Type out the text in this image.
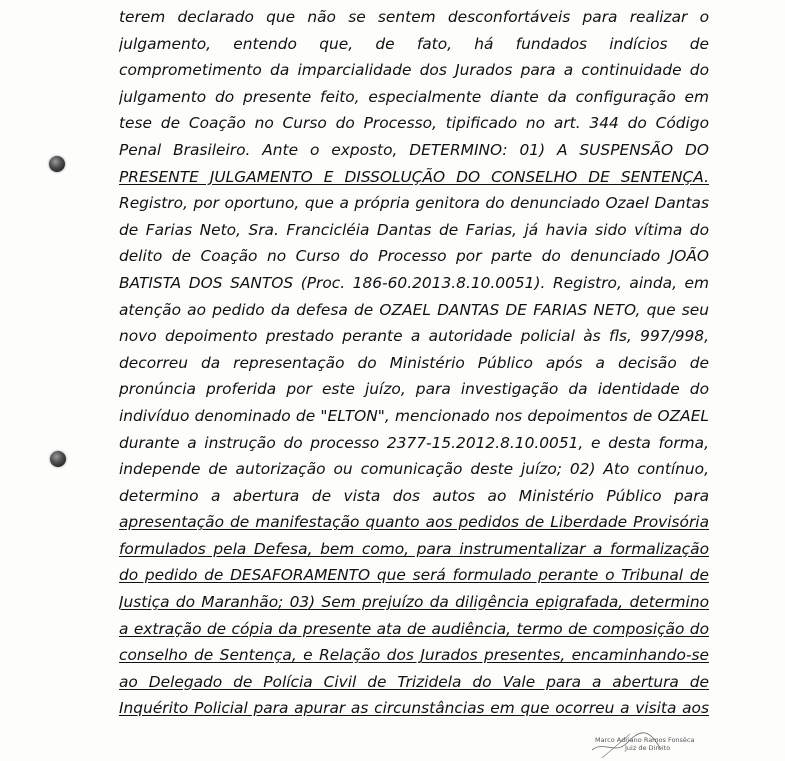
terem declarado que não se sentem desconfortáveis para realizar o
julgamento, entendo que, de fato, há fundados indícios de
comprometimento da imparcialidade dos Jurados para a continuidade do
julgamento do presente feito, especialmente diante da configuração em
tese de Coação no Curso do Processo, tipificado no art. 344 do Código
Penal Brasileiro. Ante o exposto, DETERMINO: 01) A SUSPENSÃO DO
PRESENTE JULGAMENTO E DISSOLUÇÃO DO CONSELHO DE SENTENÇA.
Registro, por oportuno, que a própria genitora do denunciado Ozael Dantas
de Farias Neto, Sra. Francicléia Dantas de Farias, já havia sido vítima do
delito de Coação no Curso do Processo por parte do denunciado JOÃO
BATISTA DOS SANTOS (Proc. 186-60.2013.8.10.0051). Registro, ainda, em
atenção ao pedido da defesa de OZAEL DANTAS DE FARIAS NETO, que seu
novo depoimento prestado perante a autoridade policial às fls, 997/998,
decorreu da representação do Ministério Público após a decisão de
pronúncia proferida por este juízo, para investigação da identidade do
indivíduo denominado de "ELTON", mencionado nos depoimentos de OZAEL
durante a instrução do processo 2377-15.2012.8.10.0051, e desta forma,
independe de autorização ou comunicação deste juízo; 02) Ato contínuo,
determino a abertura de vista dos autos ao Ministério Público para
apresentação de manifestação quanto aos pedidos de Liberdade Provisória
formulados pela Defesa, bem como, para instrumentalizar a formalização
do pedido de DESAFORAMENTO que será formulado perante o Tribunal de
Justiça do Maranhão; 03) Sem prejuízo da diligência epigrafada, determino
a extração de cópia da presente ata de audiência, termo de composição do
conselho de Sentença, e Relação dos Jurados presentes, encaminhando-se
ao Delegado de Polícia Civil de Trizidela do Vale para a abertura de
Inquérito Policial para apurar as circunstâncias em que ocorreu a visita aos
Marco Adriano Ramos Fonsêca
Juiz de Direito
